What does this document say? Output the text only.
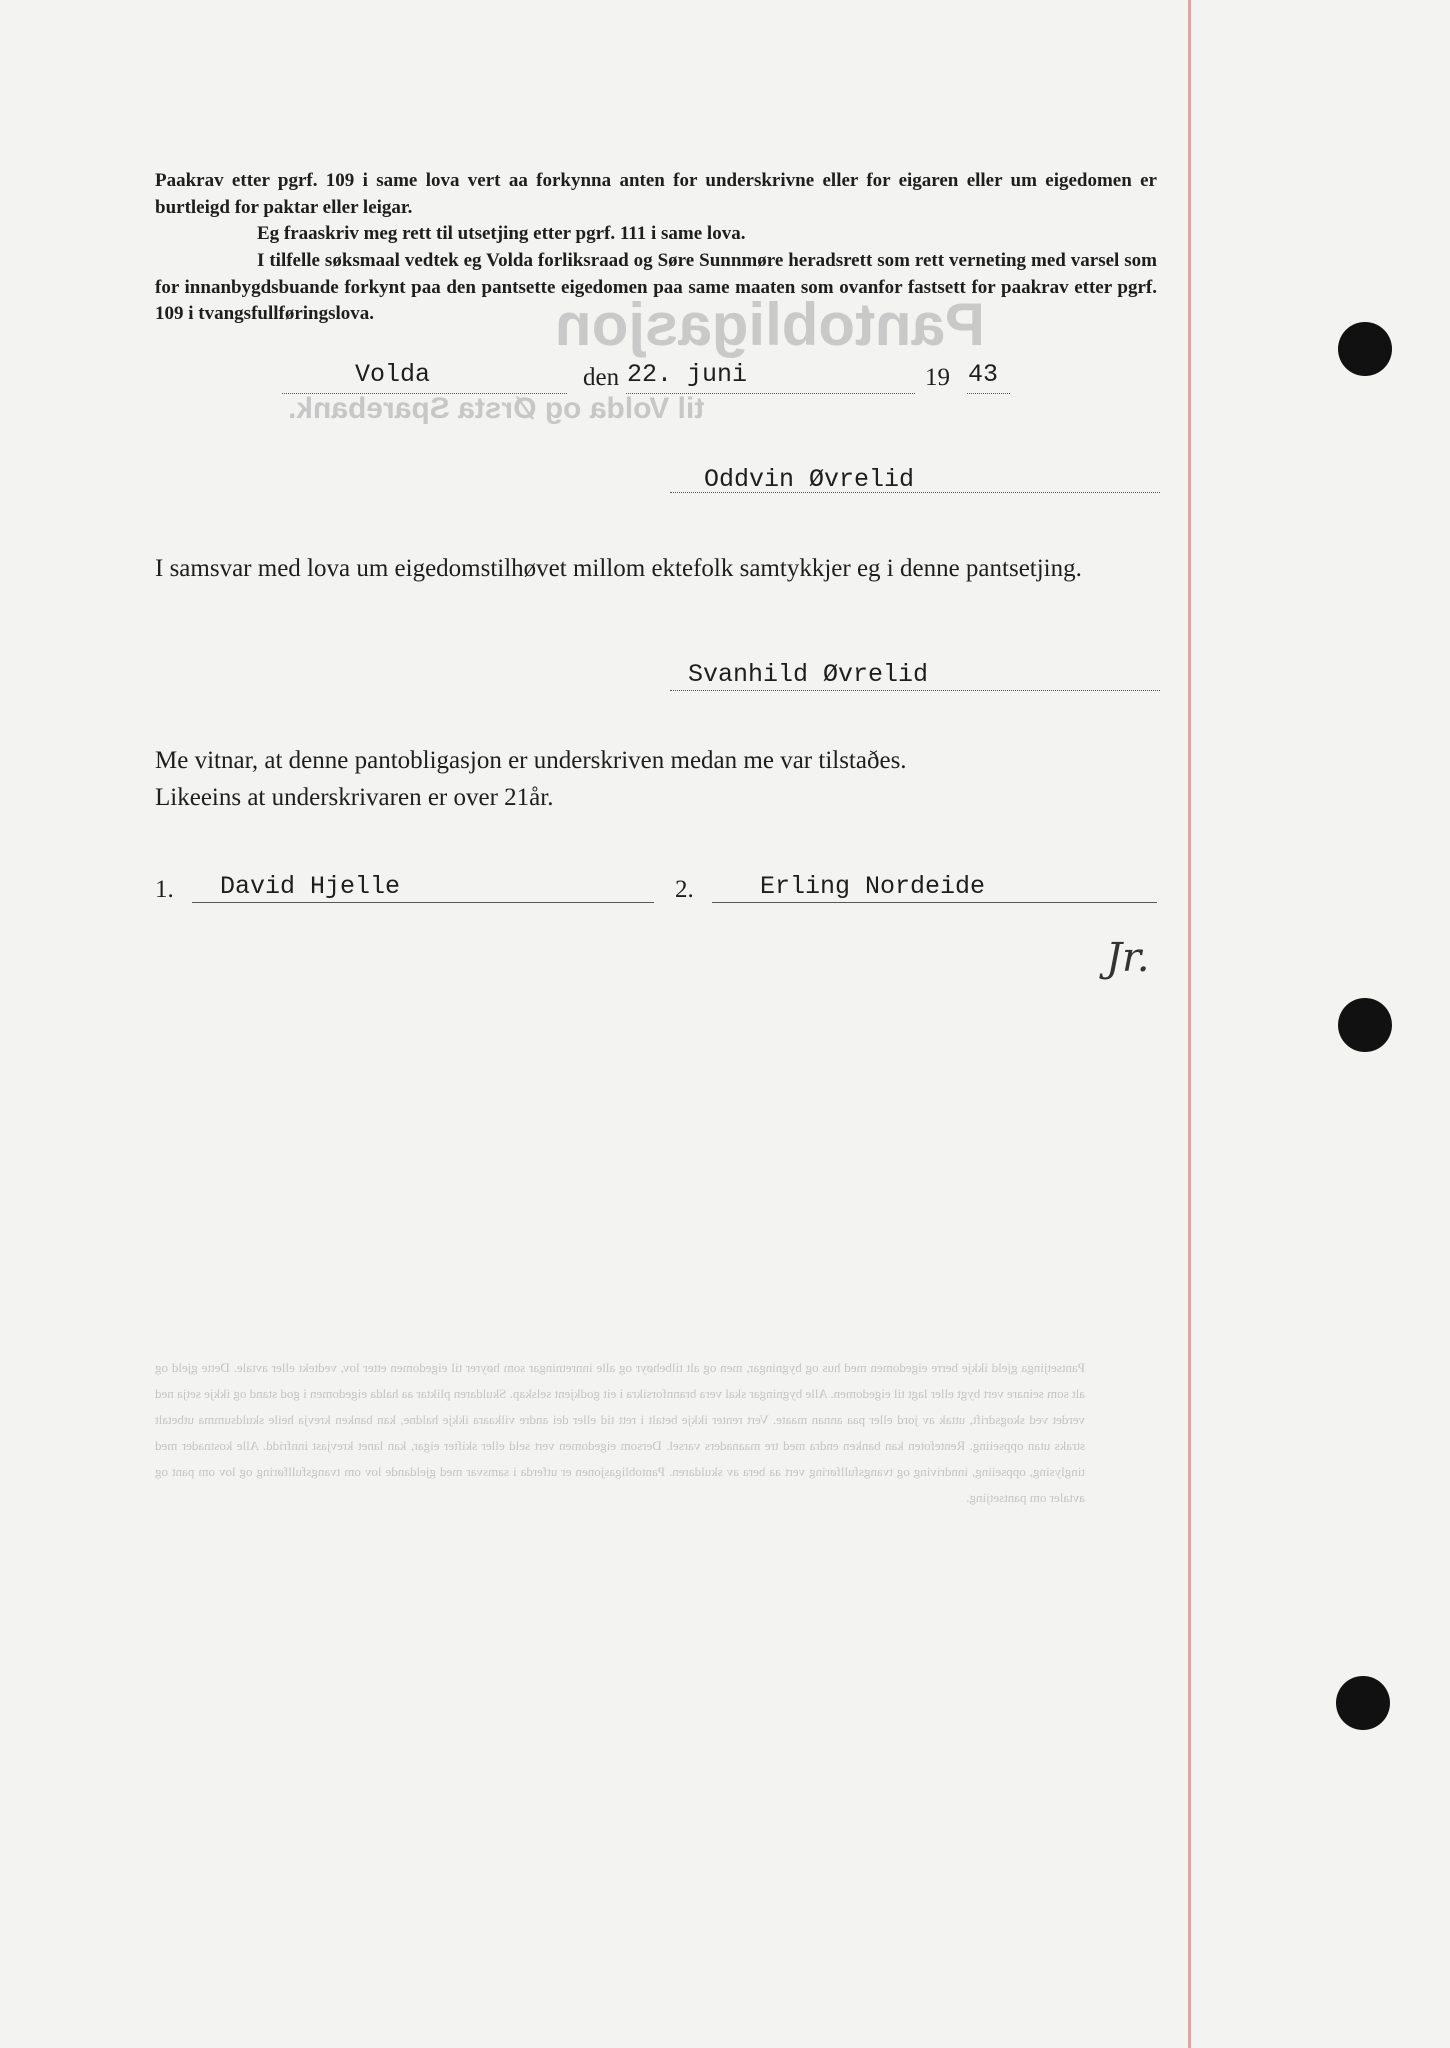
Pantobligasjon
til Volda og Ørsta Sparebank.

Pantsetjinga gjeld ikkje berre eigedomen med hus og bygningar, men og alt tilbehøyr og alle innretningar som høyrer til eigedomen etter lov, vedtekt eller avtale. Dette gjeld og alt som seinare vert bygt eller lagt til eigedomen. Alle bygningar skal vera brannforsikra i eit godkjent selskap. Skuldaren pliktar aa halda eigedomen i god stand og ikkje setja ned verdet ved skogsdrift, uttak av jord eller paa annan maate. Vert renter ikkje betalt i rett tid eller dei andre vilkaara ikkje haldne, kan banken krevja heile skuldsumma utbetalt straks utan oppseiing. Rentefoten kan banken endra med tre maanaders varsel. Dersom eigedomen vert seld eller skifter eigar, kan lanet krevjast innfridd. Alle kostnader med tinglysing, oppseiing, inndriving og tvangsfullføring vert aa bera av skuldaren. Pantobligasjonen er utferda i samsvar med gjeldande lov om tvangsfullføring og lov om pant og avtaler om pantsetjing.

Paakrav etter pgrf. 109 i same lova vert aa forkynna anten for underskrivne eller for eigaren eller um eigedomen er burtleigd for paktar eller leigar.

Eg fraaskriv meg rett til utsetjing etter pgrf. 111 i same lova.

I tilfelle søksmaal vedtek eg Volda forliksraad og Søre Sunnmøre heradsrett som rett verneting med varsel som for innanbygdsbuande forkynt paa den pantsette eigedomen paa same maaten som ovanfor fastsett for paakrav etter pgrf. 109 i tvangsfullføringslova.

Volda	den 22. juni	19 43
Oddvin Øvrelid

I samsvar med lova um eigedomstilhøvet millom ektefolk samtykkjer eg i denne pantsetjing.

Svanhild Øvrelid

Me vitnar, at denne pantobligasjon er underskriven medan me var tilstaðes.
Likeeins at underskrivaren er over 21år.

1. David Hjelle	2.	Erling Nordeide
Jr.
